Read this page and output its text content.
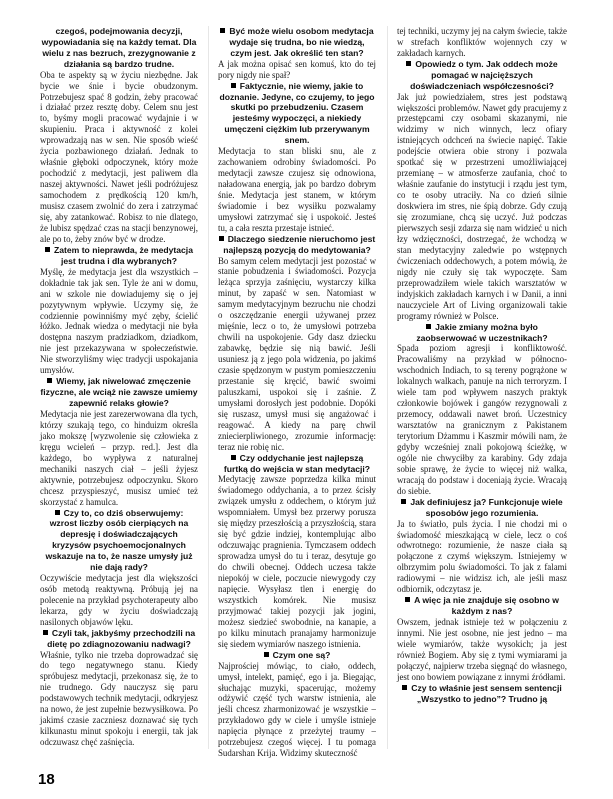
czegoś, podejmowania decyzji, wypowiadania się na każdy temat. Dla wielu z nas bezruch, zrezygnowanie z działania są bardzo trudne.

Oba te aspekty są w życiu niezbędne. Jak bycie we śnie i bycie obudzonym. Potrzebujesz spać 8 godzin, żeby pracować i działać przez resztę doby. Celem snu jest to, byśmy mogli pracować wydajnie i w skupieniu. Praca i aktywność z kolei wprowadzają nas w sen. Nie sposób wieść życia pozbawionego działań. Jednak to właśnie głęboki odpoczynek, który może pochodzić z medytacji, jest paliwem dla naszej aktywności. Nawet jeśli podróżujesz samochodem z prędkością 120 km/h, musisz czasem zwolnić do zera i zatrzymać się, aby zatankować. Robisz to nie dlatego, że lubisz spędzać czas na stacji benzynowej, ale po to, żeby znów być w drodze.

Zatem to nieprawda, że medytacja jest trudna i dla wybranych?

Myślę, że medytacja jest dla wszystkich – dokładnie tak jak sen. Tyle że ani w domu, ani w szkole nie dowiadujemy się o jej pozytywnym wpływie. Uczymy się, że codziennie powinniśmy myć zęby, ścielić łóżko. Jednak wiedza o medytacji nie była dostępna naszym pradziadkom, dziadkom, nie jest przekazywana w społeczeństwie. Nie stworzyliśmy więc tradycji uspokajania umysłów.

Wiemy, jak niwelować zmęczenie fizyczne, ale wciąż nie zawsze umiemy zapewnić relaks głowie?

Medytacja nie jest zarezerwowana dla tych, którzy szukają tego, co hinduizm określa jako mokszę [wyzwolenie się człowieka z kręgu wcieleń – przyp. red.]. Jest dla każdego, bo wypływa z naturalnej mechaniki naszych ciał – jeśli żyjesz aktywnie, potrzebujesz odpoczynku. Skoro chcesz przyspieszyć, musisz umieć też skorzystać z hamulca.

Czy to, co dziś obserwujemy: wzrost liczby osób cierpiących na depresję i doświadczających kryzysów psychoemocjonalnych wskazuje na to, że nasze umysły już nie dają rady?

Oczywiście medytacja jest dla większości osób metodą reaktywną. Próbują jej na polecenie na przykład psychoterapeuty albo lekarza, gdy w życiu doświadczają nasilonych objawów lęku.

Czyli tak, jakbyśmy przechodzili na dietę po zdiagnozowaniu nadwagi?

Właśnie, tylko nie trzeba doprowadzać się do tego negatywnego stanu. Kiedy spróbujesz medytacji, przekonasz się, że to nie trudnego. Gdy nauczysz się paru podstawowych technik medytacji, odkryjesz na nowo, że jest zupełnie bezwysiłkowa. Po jakimś czasie zaczniesz doznawać się tych kilkunastu minut spokoju i energii, tak jak odczuwasz chęć zaśnięcia.

Być może wielu osobom medytacja wydaje się trudna, bo nie wiedzą, czym jest. Jak określić ten stan?

A jak można opisać sen komuś, kto do tej pory nigdy nie spał?

Faktycznie, nie wiemy, jakie to doznanie. Jedyne, co czujemy, to jego skutki po przebudzeniu. Czasem jesteśmy wypoczęci, a niekiedy umęczeni ciężkim lub przerywanym snem.

Medytacja to stan bliski snu, ale z zachowaniem odrobiny świadomości. Po medytacji zawsze czujesz się odnowiona, naładowana energią, jak po bardzo dobrym śnie. Medytacja jest stanem, w którym świadomie i bez wysiłku pozwalamy umysłowi zatrzymać się i uspokoić. Jesteś tu, a cała reszta przestaje istnieć.

Dlaczego siedzenie nieruchomo jest najlepszą pozycją do medytowania?

Bo samym celem medytacji jest pozostać w stanie pobudzenia i świadomości. Pozycja leżąca sprzyja zaśnięciu, wystarczy kilka minut, by zapaść w sen. Natomiast w samym medytacyjnym bezruchu nie chodzi o oszczędzanie energii używanej przez mięśnie, lecz o to, że umysłowi potrzeba chwili na uspokojenie. Gdy dasz dziecku zabawkę, będzie się nią bawić. Jeśli usuniesz ją z jego pola widzenia, po jakimś czasie spędzonym w pustym pomieszczeniu przestanie się kręcić, bawić swoimi paluszkami, uspokoi się i zaśnie. Z umysłami dorosłych jest podobnie. Dopóki się ruszasz, umysł musi się angażować i reagować. A kiedy na parę chwil zniecierpliwionego, zrozumie informację: teraz nie robię nic.

Czy oddychanie jest najlepszą furtką do wejścia w stan medytacji?

Medytację zawsze poprzedza kilka minut świadomego oddychania, a to przez ścisły związek umysłu z oddechem, o którym już wspomniałem. Umysł bez przerwy porusza się między przeszłością a przyszłością, stara się być gdzie indziej, kontemplując albo odczuwając pragnienia. Tymczasem oddech sprowadza umysł do tu i teraz, desytuje go do chwili obecnej. Oddech uczesa także niepokój w ciele, poczucie niewygody czy napięcie. Wysyłasz tlen i energię do wszystkich komórek. Nie musisz przyjmować takiej pozycji jak jogini, możesz siedzieć swobodnie, na kanapie, a po kilku minutach pranajamy harmonizuje się siedem wymiarów naszego istnienia.

Czym one są?

Najprościej mówiąc, to ciało, oddech, umysł, intelekt, pamięć, ego i ja. Biegając, słuchając muzyki, spacerując, możemy odżywić część tych warstw istnienia, ale jeśli chcesz zharmonizować je wszystkie – przykładowo gdy w ciele i umyśle istnieje napięcia płynące z przeżytej traumy – potrzebujesz czegoś więcej. I tu pomaga Sudarshan Krija. Widzimy skuteczność

tej techniki, uczymy jej na całym świecie, także w strefach konfliktów wojennych czy w zakładach karnych.

Opowiedz o tym. Jak oddech może pomagać w najcięższych doświadczeniach współczesności?

Jak już powiedziałem, stres jest podstawą większości problemów. Nawet gdy pracujemy z przestępcami czy osobami skazanymi, nie widzimy w nich winnych, lecz ofiary istniejących odchceń na świecie napięć. Takie podejście otwiera obie strony i pozwala spotkać się w przestrzeni umożliwiającej przemianę – w atmosferze zaufania, choć to właśnie zaufanie do instytucji i rządu jest tym, co te osoby utraciły. Na co dzień silnie doskwiera im stres, nie śpią dobrze. Gdy czują się zrozumiane, chcą się uczyć. Już podczas pierwszych sesji zdarza się nam widzieć u nich łzy wdzięczności, dostrzegać, że wchodzą w stan medytacyjny zaledwie po wstępnych ćwiczeniach oddechowych, a potem mówią, że nigdy nie czuły się tak wypoczęte. Sam przeprowadziłem wiele takich warsztatów w indyjskich zakładach karnych i w Danii, a inni nauczyciele Art of Living organizowali takie programy również w Polsce.

Jakie zmiany można było zaobserwować w uczestnikach?

Spada poziom agresji i konfliktowość. Pracowaliśmy na przykład w północno-wschodnich Indiach, to są tereny pogrążone w lokalnych walkach, panuje na nich terroryzm. I wiele tam pod wpływem naszych praktyk członkowie bojówek i gangów rezygnowali z przemocy, oddawali nawet broń. Uczestnicy warsztatów na granicznym z Pakistanem terytorium Dżammu i Kaszmir mówili nam, że gdyby wcześniej znali pokojową ścieżkę, w ogóle nie chwyciłby za karabiny. Gdy zdaja sobie sprawę, że życie to więcej niż walka, wracają do podstaw i doceniają życie. Wracają do siebie.

Jak definiujesz ja? Funkcjonuje wiele sposobów jego rozumienia.

Ja to światło, puls życia. I nie chodzi mi o świadomość mieszkającą w ciele, lecz o coś odwrotnego: rozumienie, że nasze ciała są połączone z czymś większym. Istniejemy w olbrzymim polu świadomości. To jak z falami radiowymi – nie widzisz ich, ale jeśli masz odbiornik, odczytasz je.

A więc ja nie znajduje się osobno w każdym z nas?

Owszem, jednak istnieje też w połączeniu z innymi. Nie jest osobne, nie jest jedno – ma wiele wymiarów, także wysokich; ja jest również Bogiem. Aby się z tymi wymiarami ja połączyć, najpierw trzeba sięgnąć do własnego, jest ono bowiem powiązane z innymi źródłami.

Czy to właśnie jest sensem sentencji „Wszystko to jedno”? Trudno ją

18
